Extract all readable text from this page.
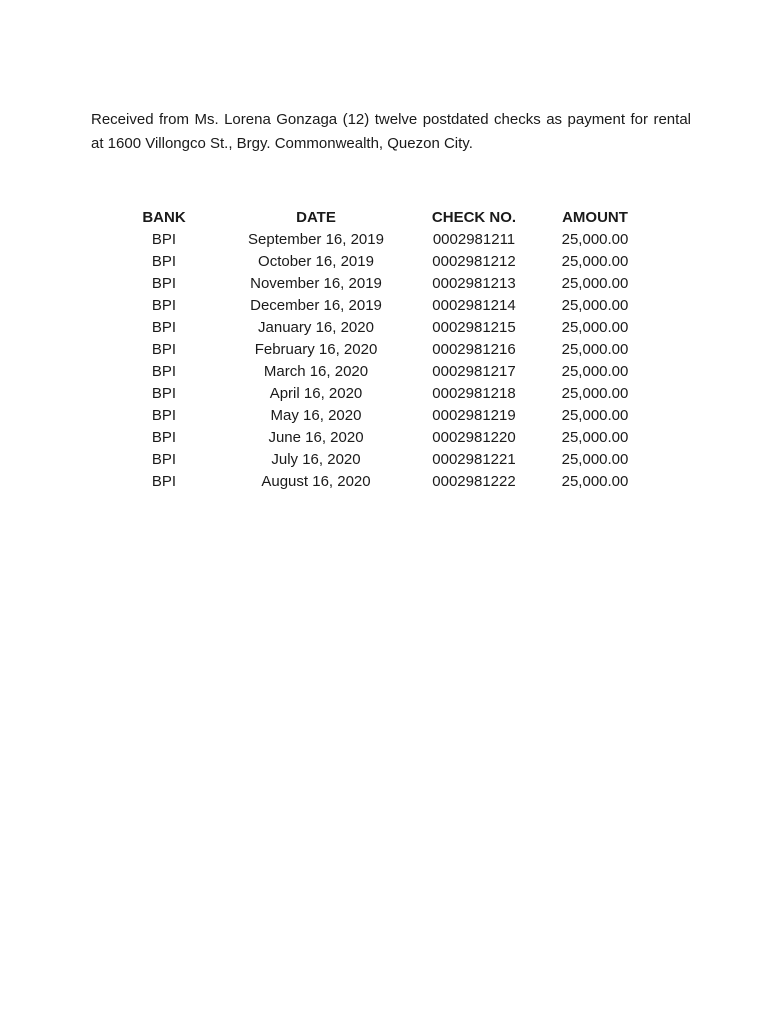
Received from Ms. Lorena Gonzaga (12) twelve postdated checks as payment for rental at 1600 Villongco St., Brgy. Commonwealth, Quezon City.

BANK	DATE	CHECK NO.	AMOUNT
BPI	September 16, 2019	0002981211	25,000.00
BPI	October 16, 2019	0002981212	25,000.00
BPI	November 16, 2019	0002981213	25,000.00
BPI	December 16, 2019	0002981214	25,000.00
BPI	January 16, 2020	0002981215	25,000.00
BPI	February 16, 2020	0002981216	25,000.00
BPI	March 16, 2020	0002981217	25,000.00
BPI	April 16, 2020	0002981218	25,000.00
BPI	May 16, 2020	0002981219	25,000.00
BPI	June 16, 2020	0002981220	25,000.00
BPI	July 16, 2020	0002981221	25,000.00
BPI	August 16, 2020	0002981222	25,000.00
